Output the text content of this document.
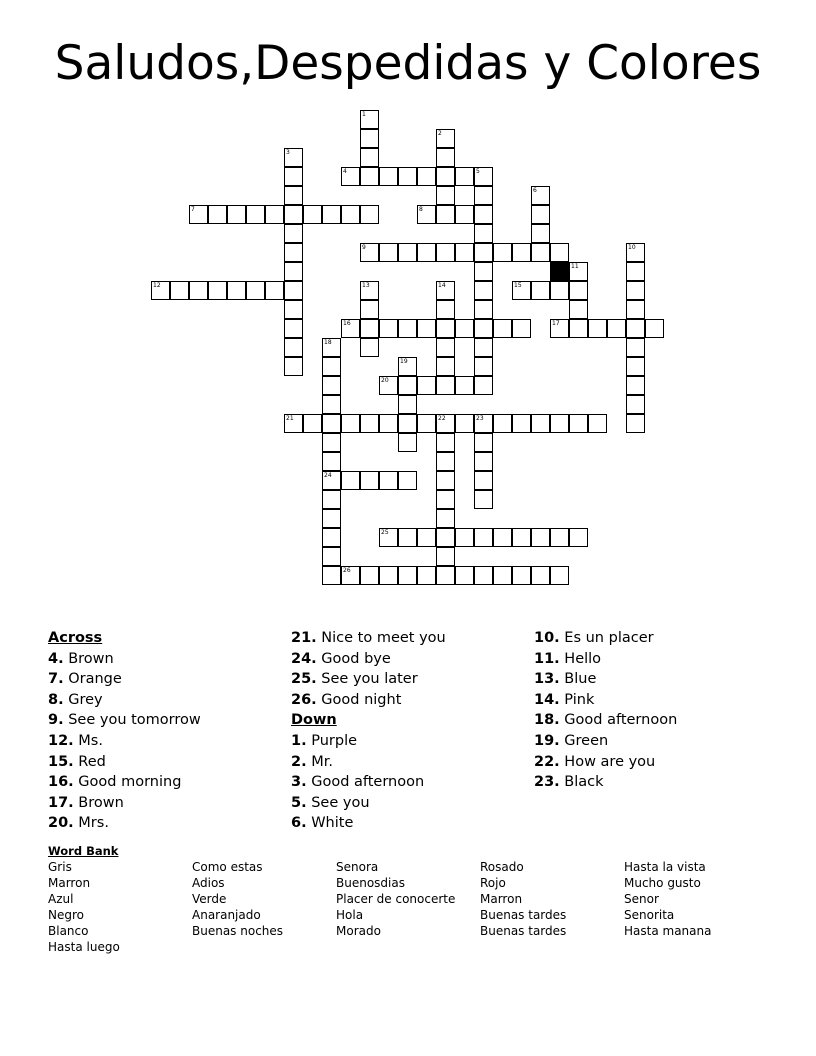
Saludos,Despedidas y Colores
1
2
3
4	5
6
7	8
9	10
11
12	13	14	15
16	17
18
24
19
20
21	22	23
25
26
Across
4. Brown
7. Orange
8. Grey
9. See you tomorrow
12. Ms.
15. Red
16. Good morning
17. Brown
20. Mrs.
21. Nice to meet you
24. Good bye
25. See you later
26. Good night
Down
1. Purple
2. Mr.
3. Good afternoon
5. See you
6. White
10. Es un placer
11. Hello
13. Blue
14. Pink
18. Good afternoon
19. Green
22. How are you
23. Black
Word Bank
Gris
Marron
Azul
Negro
Blanco
Hasta luego
Como estas
Adios
Verde
Anaranjado
Buenas noches
Senora
Buenosdias
Placer de conocerte
Hola
Morado
Rosado
Rojo
Marron
Buenas tardes
Buenas tardes
Hasta la vista
Mucho gusto
Senor
Senorita
Hasta manana
